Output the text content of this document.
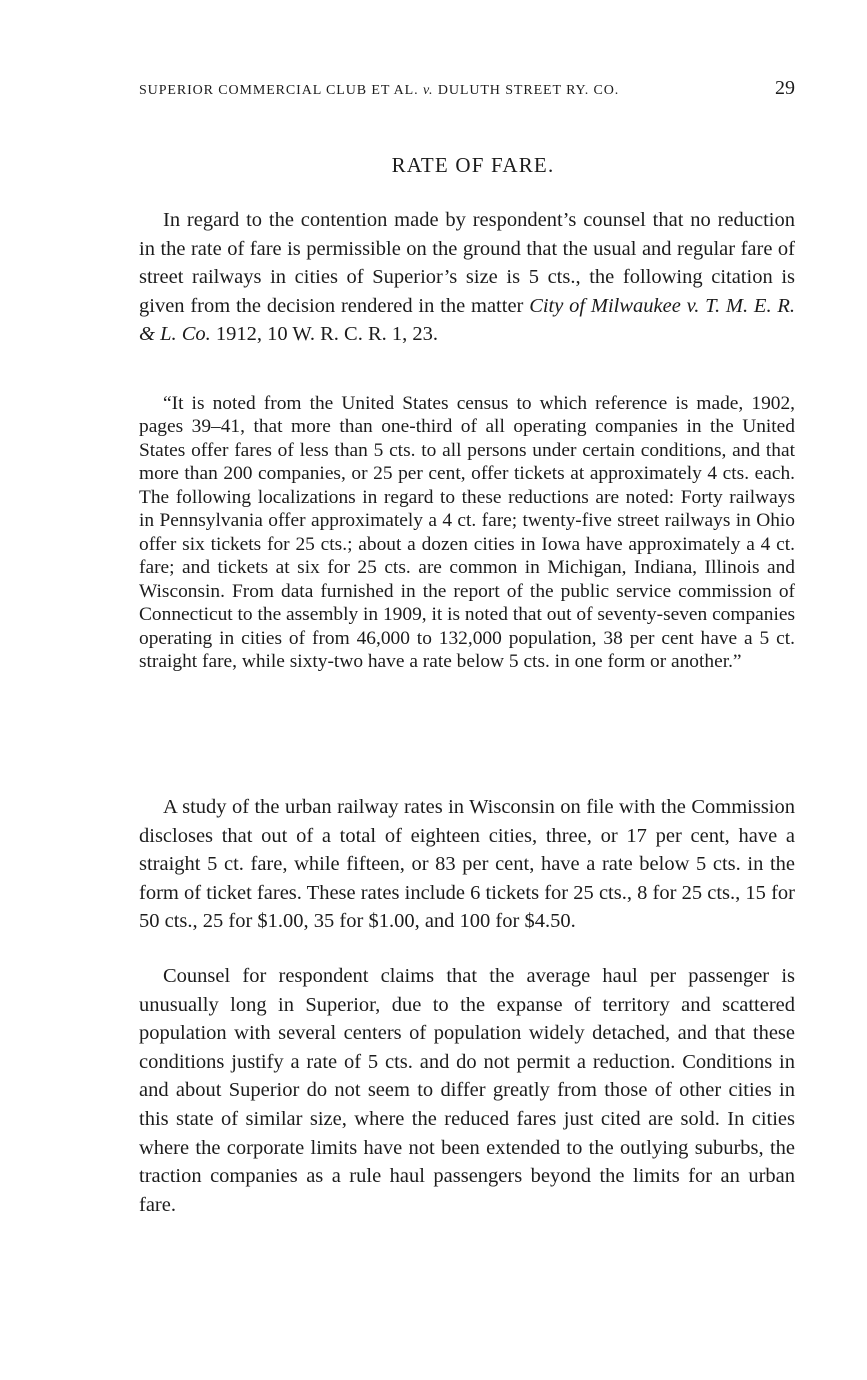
SUPERIOR COMMERCIAL CLUB ET AL. v. DULUTH STREET RY. CO.	29
RATE OF FARE.

In regard to the contention made by respondent’s counsel that no reduction in the rate of fare is permissible on the ground that the usual and regular fare of street railways in cities of Superior’s size is 5 cts., the following citation is given from the decision rendered in the matter City of Milwaukee v. T. M. E. R. & L. Co. 1912, 10 W. R. C. R. 1, 23.

“It is noted from the United States census to which reference is made, 1902, pages 39–41, that more than one-third of all operating companies in the United States offer fares of less than 5 cts. to all persons under certain conditions, and that more than 200 companies, or 25 per cent, offer tickets at approximately 4 cts. each. The following localizations in regard to these reductions are noted: Forty railways in Pennsylvania offer approximately a 4 ct. fare; twenty-five street railways in Ohio offer six tickets for 25 cts.; about a dozen cities in Iowa have approximately a 4 ct. fare; and tickets at six for 25 cts. are common in Michigan, Indiana, Illinois and Wisconsin. From data furnished in the report of the public service commission of Connecticut to the assembly in 1909, it is noted that out of seventy-seven companies operating in cities of from 46,000 to 132,000 population, 38 per cent have a 5 ct. straight fare, while sixty-two have a rate below 5 cts. in one form or another.”

A study of the urban railway rates in Wisconsin on file with the Commission discloses that out of a total of eighteen cities, three, or 17 per cent, have a straight 5 ct. fare, while fifteen, or 83 per cent, have a rate below 5 cts. in the form of ticket fares. These rates include 6 tickets for 25 cts., 8 for 25 cts., 15 for 50 cts., 25 for $1.00, 35 for $1.00, and 100 for $4.50.

Counsel for respondent claims that the average haul per passenger is unusually long in Superior, due to the expanse of territory and scattered population with several centers of population widely detached, and that these conditions justify a rate of 5 cts. and do not permit a reduction. Conditions in and about Superior do not seem to differ greatly from those of other cities in this state of similar size, where the reduced fares just cited are sold. In cities where the corporate limits have not been extended to the outlying suburbs, the traction companies as a rule haul passengers beyond the limits for an urban fare.
